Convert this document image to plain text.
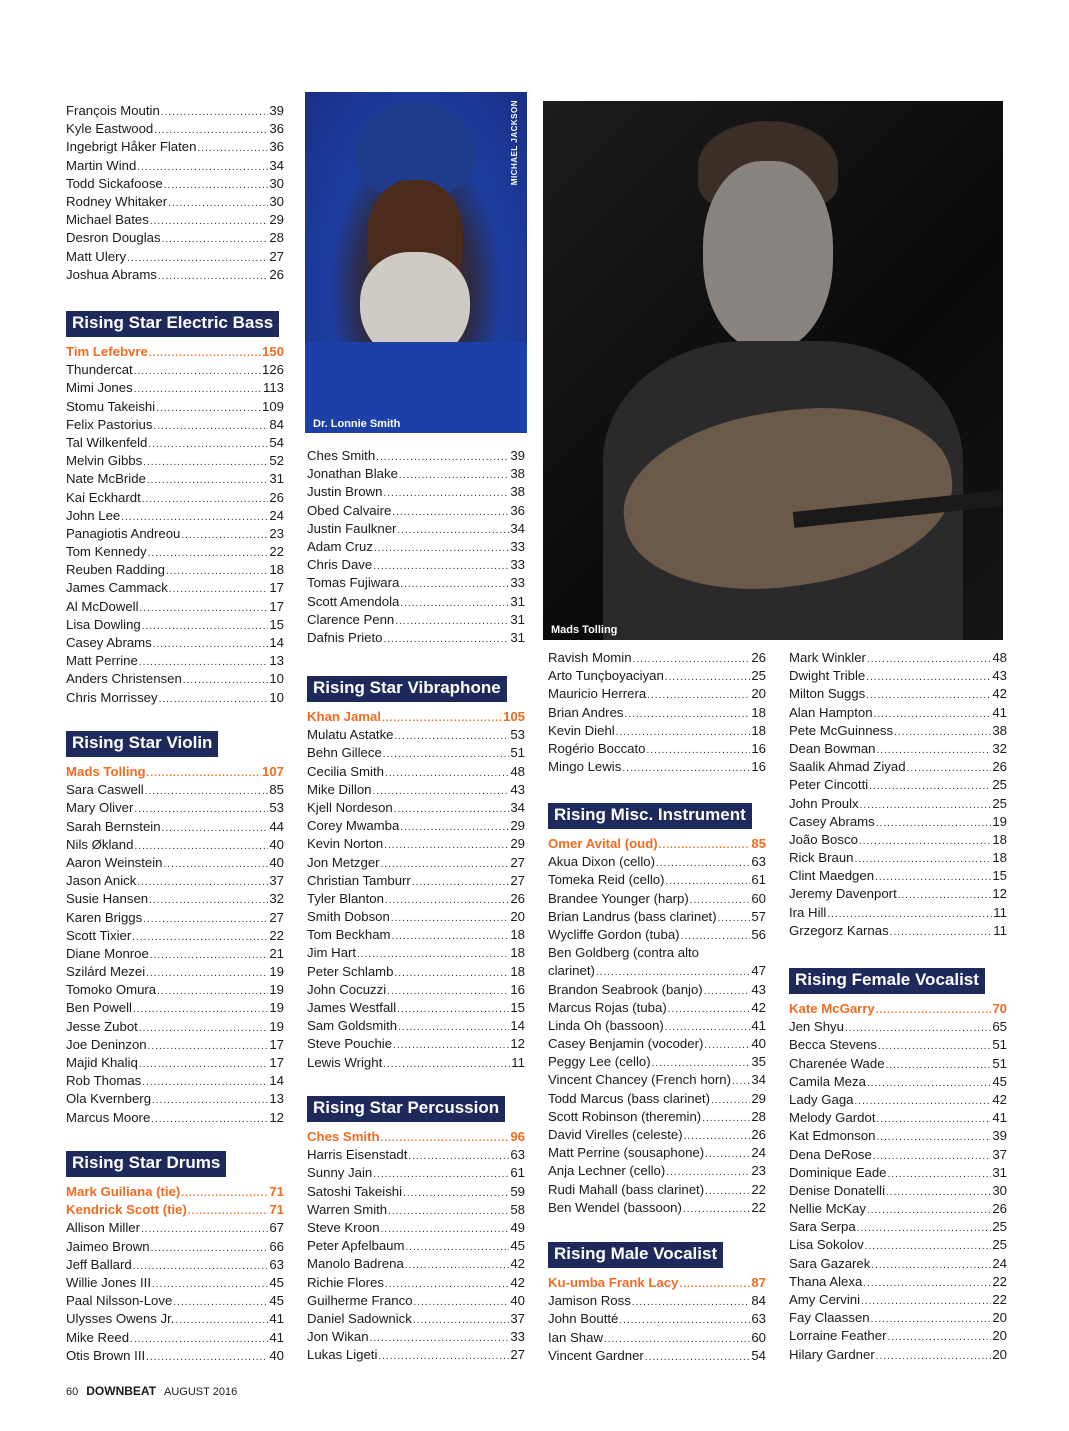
François Moutin .....	39
Kyle Eastwood .....	36
Ingebrigt Håker Flaten .....	36
Martin Wind .....	34
Todd Sickafoose .....	30
Rodney Whitaker .....	30
Michael Bates .....	29
Desron Douglas .....	28
Matt Ulery .....	27
Joshua Abrams .....	26
Rising Star Electric Bass
Tim Lefebvre .....	150
Thundercat .....	126
Mimi Jones .....	113
Stomu Takeishi .....	109
Felix Pastorius .....	84
Tal Wilkenfeld .....	54
Melvin Gibbs .....	52
Nate McBride .....	31
Kai Eckhardt .....	26
John Lee .....	24
Panagiotis Andreou .....	23
Tom Kennedy .....	22
Reuben Radding .....	18
James Cammack .....	17
Al McDowell .....	17
Lisa Dowling .....	15
Casey Abrams .....	14
Matt Perrine .....	13
Anders Christensen .....	10
Chris Morrissey .....	10
Rising Star Violin
Mads Tolling .....	107
Sara Caswell .....	85
Mary Oliver .....	53
Sarah Bernstein .....	44
Nils Økland .....	40
Aaron Weinstein .....	40
Jason Anick .....	37
Susie Hansen .....	32
Karen Briggs .....	27
Scott Tixier .....	22
Diane Monroe .....	21
Szilárd Mezei .....	19
Tomoko Omura .....	19
Ben Powell .....	19
Jesse Zubot .....	19
Joe Deninzon .....	17
Majid Khaliq .....	17
Rob Thomas .....	14
Ola Kvernberg .....	13
Marcus Moore .....	12
Rising Star Drums
Mark Guiliana (tie) .....	71
Kendrick Scott (tie) .....	71
Allison Miller .....	67
Jaimeo Brown .....	66
Jeff Ballard .....	63
Willie Jones III .....	45
Paal Nilsson-Love .....	45
Ulysses Owens Jr. .....	41
Mike Reed .....	41
Otis Brown III .....	40
Dr. Lonnie Smith
MICHAEL JACKSON
Ches Smith .....	39
Jonathan Blake .....	38
Justin Brown .....	38
Obed Calvaire .....	36
Justin Faulkner .....	34
Adam Cruz .....	33
Chris Dave .....	33
Tomas Fujiwara .....	33
Scott Amendola .....	31
Clarence Penn .....	31
Dafnis Prieto .....	31
Rising Star Vibraphone
Khan Jamal .....	105
Mulatu Astatke .....	53
Behn Gillece .....	51
Cecilia Smith .....	48
Mike Dillon .....	43
Kjell Nordeson .....	34
Corey Mwamba .....	29
Kevin Norton .....	29
Jon Metzger .....	27
Christian Tamburr .....	27
Tyler Blanton .....	26
Smith Dobson .....	20
Tom Beckham .....	18
Jim Hart .....	18
Peter Schlamb .....	18
John Cocuzzi .....	16
James Westfall .....	15
Sam Goldsmith .....	14
Steve Pouchie .....	12
Lewis Wright .....	11
Rising Star Percussion
Ches Smith .....	96
Harris Eisenstadt .....	63
Sunny Jain .....	61
Satoshi Takeishi .....	59
Warren Smith .....	58
Steve Kroon .....	49
Peter Apfelbaum .....	45
Manolo Badrena .....	42
Richie Flores .....	42
Guilherme Franco .....	40
Daniel Sadownick .....	37
Jon Wikan .....	33
Lukas Ligeti .....	27
Mads Tolling
Ravish Momin .....	26
Arto Tunçboyaciyan .....	25
Mauricio Herrera .....	20
Brian Andres .....	18
Kevin Diehl .....	18
Rogério Boccato .....	16
Mingo Lewis .....	16
Rising Misc. Instrument
Omer Avital (oud) .....	85
Akua Dixon (cello) .....	63
Tomeka Reid (cello) .....	61
Brandee Younger (harp) .....	60
Brian Landrus (bass clarinet) .....	57
Wycliffe Gordon (tuba) .....	56
Ben Goldberg (contra alto
clarinet) .....	47
Brandon Seabrook (banjo) .....	43
Marcus Rojas (tuba) .....	42
Linda Oh (bassoon) .....	41
Casey Benjamin (vocoder) .....	40
Peggy Lee (cello) .....	35
Vincent Chancey (French horn) ..... 34
Todd Marcus (bass clarinet) .....	29
Scott Robinson (theremin) .....	28
David Virelles (celeste) .....	26
Matt Perrine (sousaphone) .....	24
Anja Lechner (cello) .....	23
Rudi Mahall (bass clarinet) .....	22
Ben Wendel (bassoon) .....	22
Rising Male Vocalist
Ku-umba Frank Lacy .....	87
Jamison Ross .....	84
John Boutté .....	63
Ian Shaw .....	60
Vincent Gardner .....	54
Mark Winkler .....	48
Dwight Trible .....	43
Milton Suggs .....	42
Alan Hampton .....	41
Pete McGuinness .....	38
Dean Bowman .....	32
Saalik Ahmad Ziyad .....	26
Peter Cincotti .....	25
John Proulx .....	25
Casey Abrams .....	19
João Bosco .....	18
Rick Braun .....	18
Clint Maedgen .....	15
Jeremy Davenport .....	12
Ira Hill .....	11
Grzegorz Karnas .....	11
Rising Female Vocalist
Kate McGarry .....	70
Jen Shyu .....	65
Becca Stevens .....	51
Charenée Wade .....	51
Camila Meza .....	45
Lady Gaga .....	42
Melody Gardot .....	41
Kat Edmonson .....	39
Dena DeRose .....	37
Dominique Eade .....	31
Denise Donatelli .....	30
Nellie McKay .....	26
Sara Serpa .....	25
Lisa Sokolov .....	25
Sara Gazarek .....	24
Thana Alexa .....	22
Amy Cervini .....	22
Fay Claassen .....	20
Lorraine Feather .....	20
Hilary Gardner .....	20
60 DOWNBEAT AUGUST 2016
